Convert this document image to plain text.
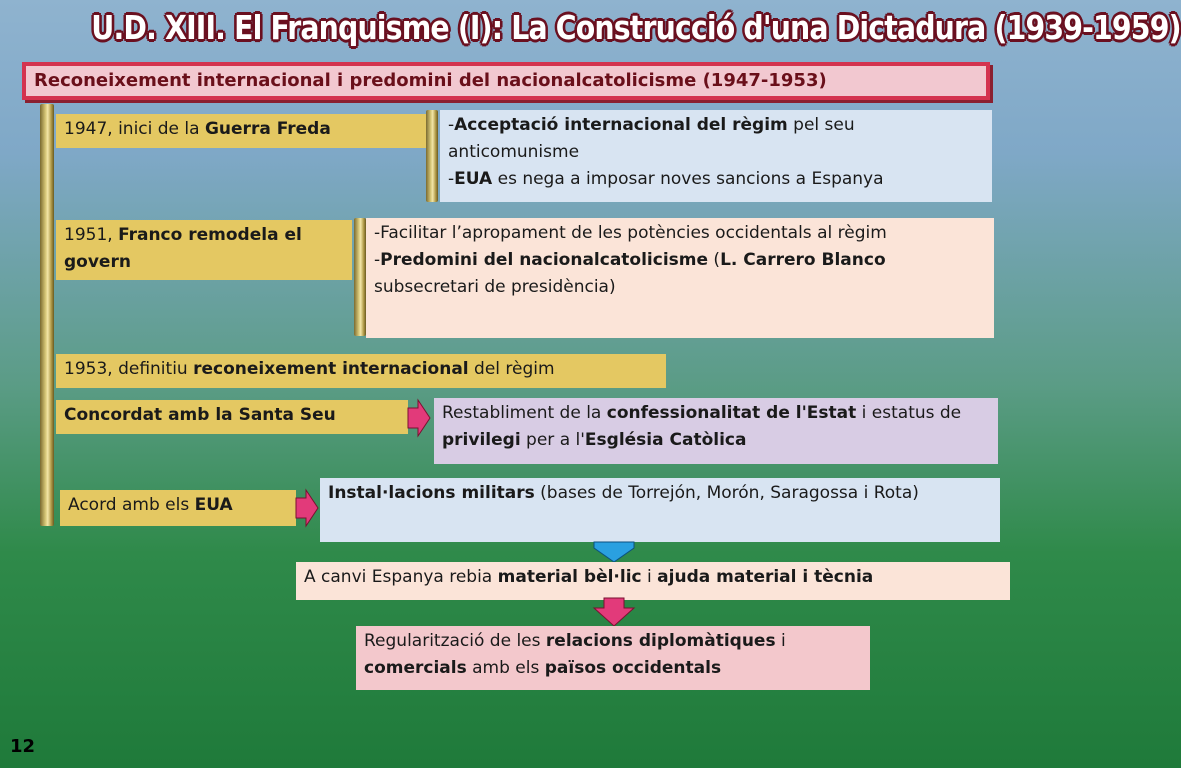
U.D. XIII. El Franquisme (I): La Construcció d'una Dictadura (1939-1959)
Reconeixement internacional i predomini del nacionalcatolicisme (1947-1953)
1947, inici de la Guerra Freda	-Acceptació internacional del règim pel seu anticomunisme
-EUA es nega a imposar noves sancions a Espanya
1951, Franco remodela el govern
-Facilitar l’apropament de les potències occidentals al règim
-Predomini del nacionalcatolicisme (L. Carrero Blanco subsecretari de presidència)
1953, definitiu reconeixement internacional del règim
Concordat amb la Santa Seu	Restabliment de la confessionalitat de l'Estat i estatus de privilegi per a l'Església Catòlica
Acord amb els EUA
Instal·lacions militars (bases de Torrejón, Morón, Saragossa i Rota)
A canvi Espanya rebia material bèl·lic i ajuda material i tècnia
Regularització de les relacions diplomàtiques i comercials amb els països occidentals
12
